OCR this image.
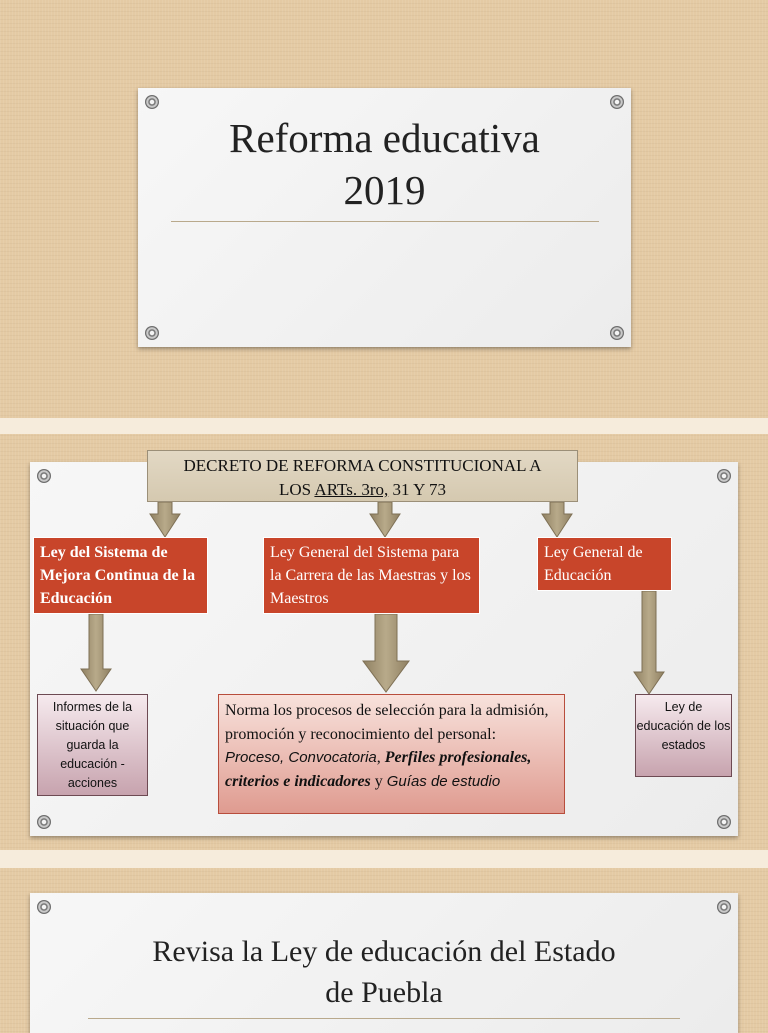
Reforma educativa
2019
DECRETO DE REFORMA CONSTITUCIONAL A
LOS ARTs. 3ro, 31 Y 73
Ley del Sistema de Mejora Continua de la Educación
Ley General del Sistema para la Carrera de las Maestras y los Maestros
Ley General de Educación
Informes de la situación que guarda la educación - acciones
Norma los procesos de selección para la admisión, promoción y reconocimiento del personal: Proceso, Convocatoria, Perfiles profesionales, criterios e indicadores y Guías de estudio
Ley de educación de los estados
Revisa la Ley de educación del Estado de Puebla
